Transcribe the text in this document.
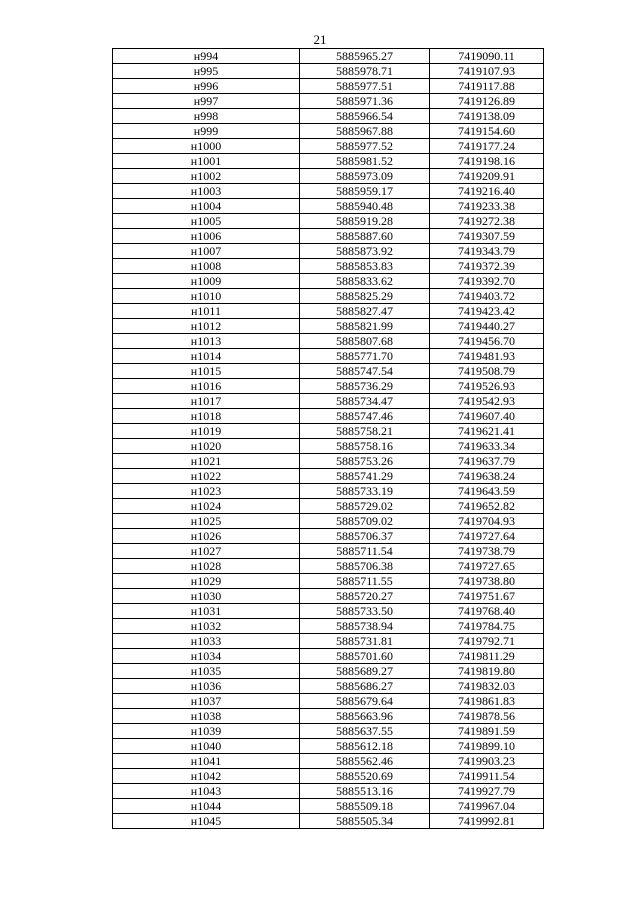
21
н994	5885965.27	7419090.11
н995	5885978.71	7419107.93
н996	5885977.51	7419117.88
н997	5885971.36	7419126.89
н998	5885966.54	7419138.09
н999	5885967.88	7419154.60
н1000	5885977.52	7419177.24
н1001	5885981.52	7419198.16
н1002	5885973.09	7419209.91
н1003	5885959.17	7419216.40
н1004	5885940.48	7419233.38
н1005	5885919.28	7419272.38
н1006	5885887.60	7419307.59
н1007	5885873.92	7419343.79
н1008	5885853.83	7419372.39
н1009	5885833.62	7419392.70
н1010	5885825.29	7419403.72
н1011	5885827.47	7419423.42
н1012	5885821.99	7419440.27
н1013	5885807.68	7419456.70
н1014	5885771.70	7419481.93
н1015	5885747.54	7419508.79
н1016	5885736.29	7419526.93
н1017	5885734.47	7419542.93
н1018	5885747.46	7419607.40
н1019	5885758.21	7419621.41
н1020	5885758.16	7419633.34
н1021	5885753.26	7419637.79
н1022	5885741.29	7419638.24
н1023	5885733.19	7419643.59
н1024	5885729.02	7419652.82
н1025	5885709.02	7419704.93
н1026	5885706.37	7419727.64
н1027	5885711.54	7419738.79
н1028	5885706.38	7419727.65
н1029	5885711.55	7419738.80
н1030	5885720.27	7419751.67
н1031	5885733.50	7419768.40
н1032	5885738.94	7419784.75
н1033	5885731.81	7419792.71
н1034	5885701.60	7419811.29
н1035	5885689.27	7419819.80
н1036	5885686.27	7419832.03
н1037	5885679.64	7419861.83
н1038	5885663.96	7419878.56
н1039	5885637.55	7419891.59
н1040	5885612.18	7419899.10
н1041	5885562.46	7419903.23
н1042	5885520.69	7419911.54
н1043	5885513.16	7419927.79
н1044	5885509.18	7419967.04
н1045	5885505.34	7419992.81
